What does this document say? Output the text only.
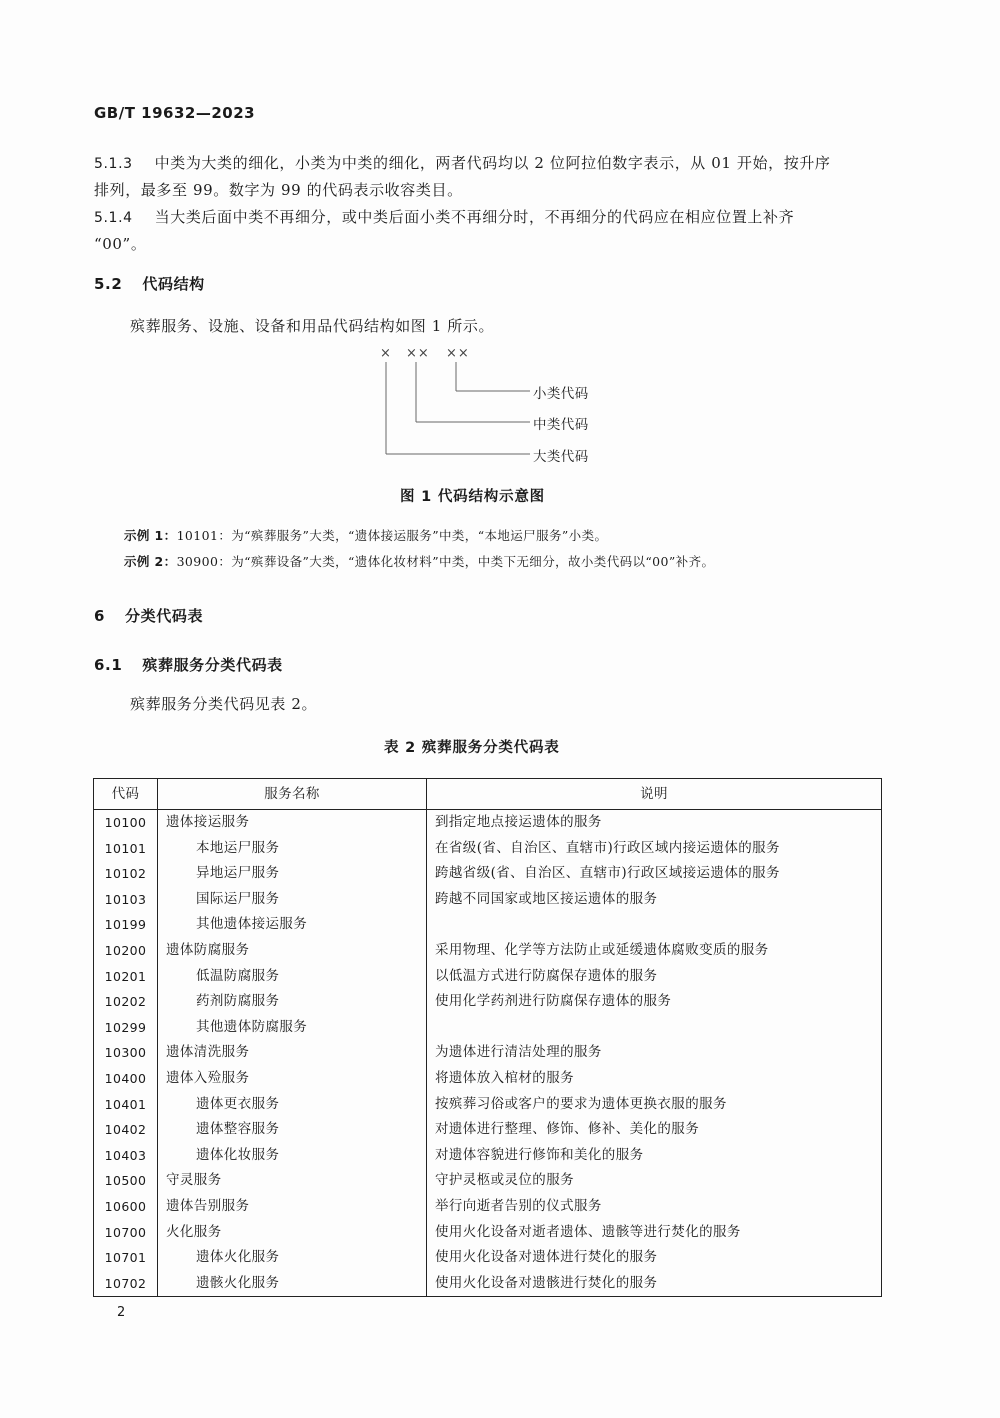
GB/T 19632—2023
5.1.3 中类为大类的细化，小类为中类的细化，两者代码均以 2 位阿拉伯数字表示，从 01 开始，按升序
排列，最多至 99。数字为 99 的代码表示收容类目。
5.1.4 当大类后面中类不再细分，或中类后面小类不再细分时，不再细分的代码应在相应位置上补齐
“00”。
5.2 代码结构
殡葬服务、设施、设备和用品代码结构如图 1 所示。
× ×× ××
小类代码
中类代码
大类代码
图 1 代码结构示意图
示例 1：10101：为“殡葬服务”大类，“遗体接运服务”中类，“本地运尸服务”小类。
示例 2：30900：为“殡葬设备”大类，“遗体化妆材料”中类，中类下无细分，故小类代码以“00”补齐。
6 分类代码表
6.1 殡葬服务分类代码表
殡葬服务分类代码见表 2。
表 2 殡葬服务分类代码表
代码	服务名称	说明
10100	遗体接运服务	到指定地点接运遗体的服务
10101	本地运尸服务	在省级(省、自治区、直辖市)行政区域内接运遗体的服务
10102	异地运尸服务	跨越省级(省、自治区、直辖市)行政区域接运遗体的服务
10103	国际运尸服务	跨越不同国家或地区接运遗体的服务
10199	其他遗体接运服务	
10200	遗体防腐服务	采用物理、化学等方法防止或延缓遗体腐败变质的服务
10201	低温防腐服务	以低温方式进行防腐保存遗体的服务
10202	药剂防腐服务	使用化学药剂进行防腐保存遗体的服务
10299	其他遗体防腐服务	
10300	遗体清洗服务	为遗体进行清洁处理的服务
10400	遗体入殓服务	将遗体放入棺材的服务
10401	遗体更衣服务	按殡葬习俗或客户的要求为遗体更换衣服的服务
10402	遗体整容服务	对遗体进行整理、修饰、修补、美化的服务
10403	遗体化妆服务	对遗体容貌进行修饰和美化的服务
10500	守灵服务	守护灵柩或灵位的服务
10600	遗体告别服务	举行向逝者告别的仪式服务
10700	火化服务	使用火化设备对逝者遗体、遗骸等进行焚化的服务
10701	遗体火化服务	使用火化设备对遗体进行焚化的服务
10702	遗骸火化服务	使用火化设备对遗骸进行焚化的服务
2
